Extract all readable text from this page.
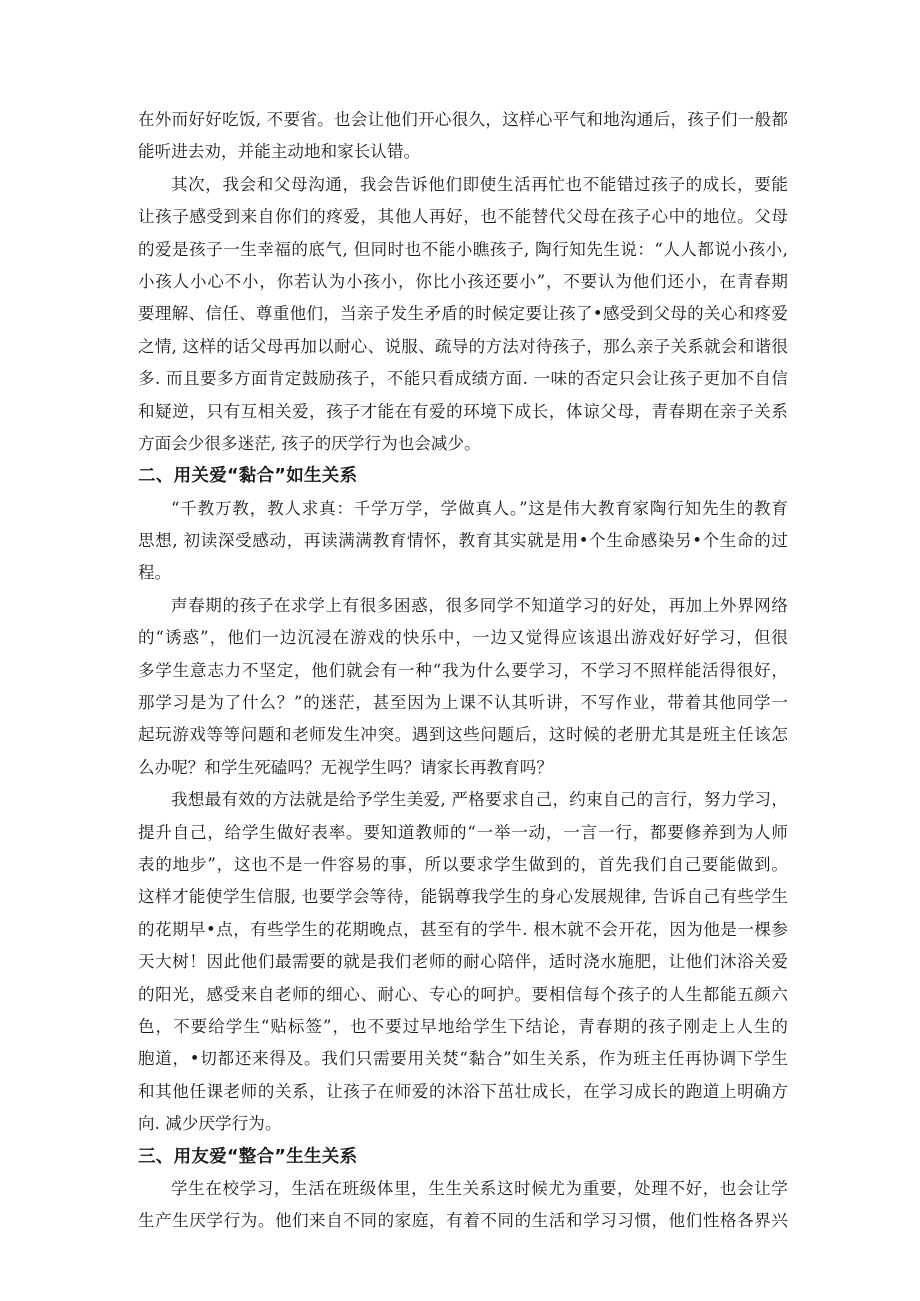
在外而好好吃饭, 不要省。也会让他们开心很久，这样心平气和地沟通后，孩子们一般都
能听进去劝，并能主动地和家长认错。
其次，我会和父母沟通，我会告诉他们即使生活再忙也不能错过孩子的成长，要能
让孩子感受到来自你们的疼爱，其他人再好，也不能替代父母在孩子心中的地位。父母
的爱是孩子一生幸福的底气, 但同时也不能小瞧孩子, 陶行知先生说：“人人都说小孩小,
小孩人小心不小，你若认为小孩小，你比小孩还要小”，不要认为他们还小，在青春期
要理解、信任、尊重他们，当亲子发生矛盾的时候定要让孩了•感受到父母的关心和疼爱
之情, 这样的话父母再加以耐心、说服、疏导的方法对待孩子，那么亲子关系就会和谐很
多. 而且要多方面肯定鼓励孩子，不能只看成绩方面. 一味的否定只会让孩子更加不自信
和疑逆，只有互相关爱，孩子才能在有爱的环境下成长，体谅父母，青春期在亲子关系
方面会少很多迷茫, 孩子的厌学行为也会减少。
二、用关爱“黏合”如生关系
“千教万教，教人求真：千学万学，学做真人。”这是伟大教育家陶行知先生的教育
思想, 初读深受感动，再读满满教育情怀，教育其实就是用•个生命感染另•个生命的过
程。
声春期的孩子在求学上有很多困惑，很多同学不知道学习的好处，再加上外界网络
的“诱惑”，他们一边沉浸在游戏的快乐中，一边又觉得应该退出游戏好好学习，但很
多学生意志力不坚定，他们就会有一种“我为什么要学习，不学习不照样能活得很好，
那学习是为了什么？”的迷茫，甚至因为上课不认其听讲，不写作业，带着其他同学一
起玩游戏等等问题和老师发生冲突。遇到这些问题后，这时候的老册尤其是班主任该怎
么办呢？和学生死磕吗？无视学生吗？请家长再教育吗？
我想最有效的方法就是给予学生美爱, 严格要求自己，约束自己的言行，努力学习，
提升自己，给学生做好表率。要知道教师的“一举一动，一言一行，都要修养到为人师
表的地步”，这也不是一件容易的事，所以要求学生做到的，首先我们自己要能做到。
这样才能使学生信服, 也要学会等待，能锅尊我学生的身心发展规律, 告诉自己有些学生
的花期早•点，有些学生的花期晚点，甚至有的学牛. 根木就不会开花，因为他是一棵参
天大树！因此他们最需要的就是我们老师的耐心陪伴，适时浇水施肥，让他们沐浴关爱
的阳光，感受来自老师的细心、耐心、专心的呵护。要相信每个孩子的人生都能五颜六
色，不要给学生“贴标签”，也不要过早地给学生下结论，青春期的孩子刚走上人生的
胞道，•切都还来得及。我们只需要用关焚“黏合”如生关系，作为班主任再协调下学生
和其他任课老师的关系，让孩子在师爱的沐浴下茁壮成长，在学习成长的跑道上明确方
向. 减少厌学行为。
三、用友爱“整合”生生关系
学生在校学习，生活在班级体里，生生关系这时候尤为重要，处理不好，也会让学
生产生厌学行为。他们来自不同的家庭，有着不同的生活和学习习惯，他们性格各界兴
